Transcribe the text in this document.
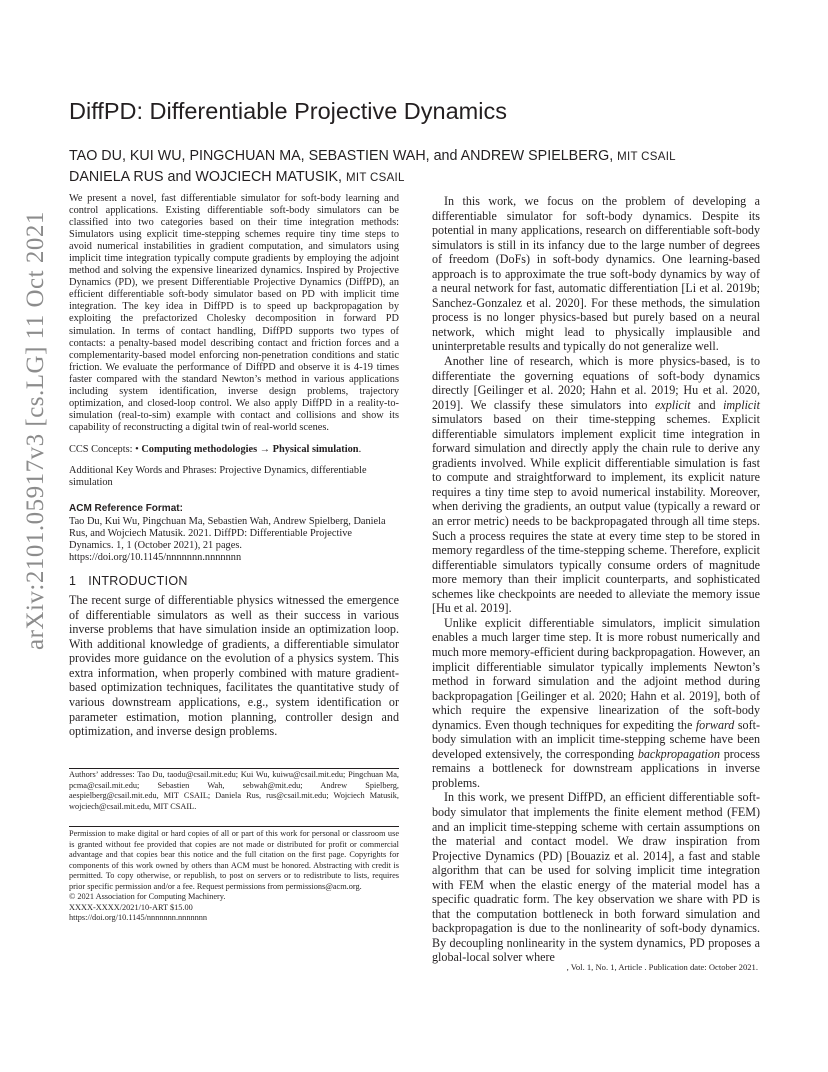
arXiv:2101.05917v3 [cs.LG] 11 Oct 2021
DiffPD: Differentiable Projective Dynamics
TAO DU, KUI WU, PINGCHUAN MA, SEBASTIEN WAH, and ANDREW SPIELBERG, MIT CSAIL
DANIELA RUS and WOJCIECH MATUSIK, MIT CSAIL

We present a novel, fast differentiable simulator for soft-body learning and control applications. Existing differentiable soft-body simulators can be classified into two categories based on their time integration methods: Simulators using explicit time-stepping schemes require tiny time steps to avoid numerical instabilities in gradient computation, and simulators using implicit time integration typically compute gradients by employing the adjoint method and solving the expensive linearized dynamics. Inspired by Projective Dynamics (PD), we present Differentiable Projective Dynamics (DiffPD), an efficient differentiable soft-body simulator based on PD with implicit time integration. The key idea in DiffPD is to speed up backpropagation by exploiting the prefactorized Cholesky decomposition in forward PD simulation. In terms of contact handling, DiffPD supports two types of contacts: a penalty-based model describing contact and friction forces and a complementarity-based model enforcing non-penetration conditions and static friction. We evaluate the performance of DiffPD and observe it is 4-19 times faster compared with the standard Newton’s method in various applications including system identification, inverse design problems, trajectory optimization, and closed-loop control. We also apply DiffPD in a reality-to-simulation (real-to-sim) example with contact and collisions and show its capability of reconstructing a digital twin of real-world scenes.

CCS Concepts: • Computing methodologies → Physical simulation.

Additional Key Words and Phrases: Projective Dynamics, differentiable simulation

ACM Reference Format:

Tao Du, Kui Wu, Pingchuan Ma, Sebastien Wah, Andrew Spielberg, Daniela Rus, and Wojciech Matusik. 2021. DiffPD: Differentiable Projective Dynamics. 1, 1 (October 2021), 21 pages. https://doi.org/10.1145/nnnnnnn.nnnnnnn

1 INTRODUCTION

The recent surge of differentiable physics witnessed the emergence of differentiable simulators as well as their success in various inverse problems that have simulation inside an optimization loop. With additional knowledge of gradients, a differentiable simulator provides more guidance on the evolution of a physics system. This extra information, when properly combined with mature gradient-based optimization techniques, facilitates the quantitative study of various downstream applications, e.g., system identification or parameter estimation, motion planning, controller design and optimization, and inverse design problems.

Authors’ addresses: Tao Du, taodu@csail.mit.edu; Kui Wu, kuiwu@csail.mit.edu; Pingchuan Ma, pcma@csail.mit.edu; Sebastien Wah, sebwah@mit.edu; Andrew Spielberg, aespielberg@csail.mit.edu, MIT CSAIL; Daniela Rus, rus@csail.mit.edu; Wojciech Matusik, wojciech@csail.mit.edu, MIT CSAIL.

Permission to make digital or hard copies of all or part of this work for personal or classroom use is granted without fee provided that copies are not made or distributed for profit or commercial advantage and that copies bear this notice and the full citation on the first page. Copyrights for components of this work owned by others than ACM must be honored. Abstracting with credit is permitted. To copy otherwise, or republish, to post on servers or to redistribute to lists, requires prior specific permission and/or a fee. Request permissions from permissions@acm.org.

© 2021 Association for Computing Machinery.

XXXX-XXXX/2021/10-ART $15.00

https://doi.org/10.1145/nnnnnnn.nnnnnnn

In this work, we focus on the problem of developing a differentiable simulator for soft-body dynamics. Despite its potential in many applications, research on differentiable soft-body simulators is still in its infancy due to the large number of degrees of freedom (DoFs) in soft-body dynamics. One learning-based approach is to approximate the true soft-body dynamics by way of a neural network for fast, automatic differentiation [Li et al. 2019b; Sanchez-Gonzalez et al. 2020]. For these methods, the simulation process is no longer physics-based but purely based on a neural network, which might lead to physically implausible and uninterpretable results and typically do not generalize well.

Another line of research, which is more physics-based, is to differentiate the governing equations of soft-body dynamics directly [Geilinger et al. 2020; Hahn et al. 2019; Hu et al. 2020, 2019]. We classify these simulators into explicit and implicit simulators based on their time-stepping schemes. Explicit differentiable simulators implement explicit time integration in forward simulation and directly apply the chain rule to derive any gradients involved. While explicit differentiable simulation is fast to compute and straightforward to implement, its explicit nature requires a tiny time step to avoid numerical instability. Moreover, when deriving the gradients, an output value (typically a reward or an error metric) needs to be backpropagated through all time steps. Such a process requires the state at every time step to be stored in memory regardless of the time-stepping scheme. Therefore, explicit differentiable simulators typically consume orders of magnitude more memory than their implicit counterparts, and sophisticated schemes like checkpoints are needed to alleviate the memory issue [Hu et al. 2019].

Unlike explicit differentiable simulators, implicit simulation enables a much larger time step. It is more robust numerically and much more memory-efficient during backpropagation. However, an implicit differentiable simulator typically implements Newton’s method in forward simulation and the adjoint method during backpropagation [Geilinger et al. 2020; Hahn et al. 2019], both of which require the expensive linearization of the soft-body dynamics. Even though techniques for expediting the forward soft-body simulation with an implicit time-stepping scheme have been developed extensively, the corresponding backpropagation process remains a bottleneck for downstream applications in inverse problems.

In this work, we present DiffPD, an efficient differentiable soft-body simulator that implements the finite element method (FEM) and an implicit time-stepping scheme with certain assumptions on the material and contact model. We draw inspiration from Projective Dynamics (PD) [Bouaziz et al. 2014], a fast and stable algorithm that can be used for solving implicit time integration with FEM when the elastic energy of the material model has a specific quadratic form. The key observation we share with PD is that the computation bottleneck in both forward simulation and backpropagation is due to the nonlinearity of soft-body dynamics. By decoupling nonlinearity in the system dynamics, PD proposes a global-local solver where

, Vol. 1, No. 1, Article . Publication date: October 2021.
